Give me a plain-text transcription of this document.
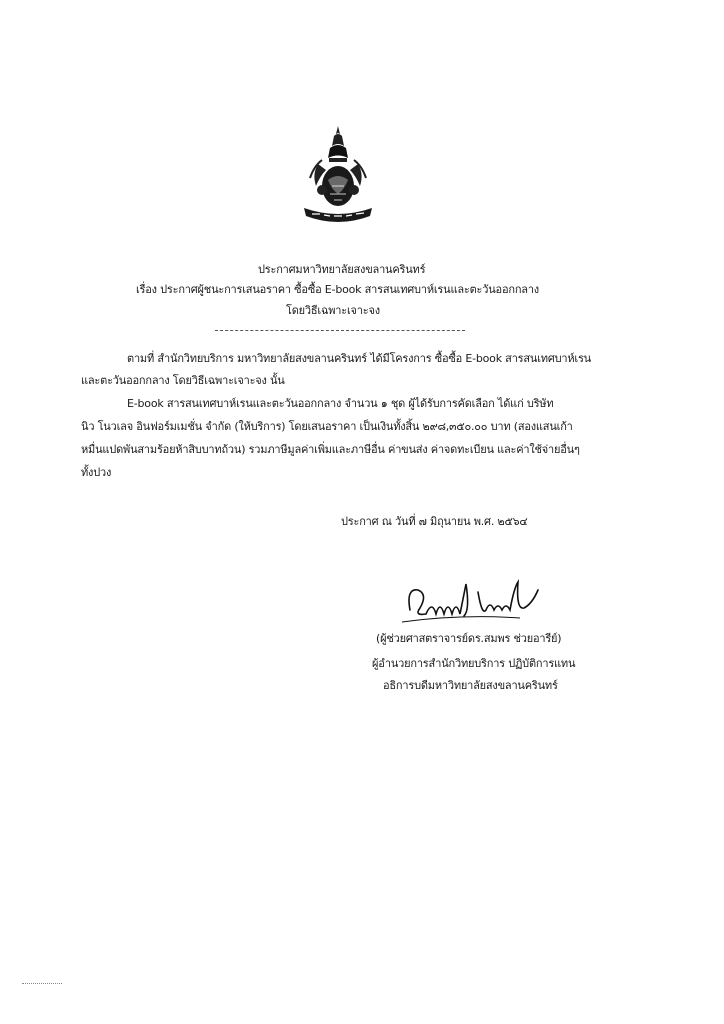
ประกาศมหาวิทยาลัยสงขลานครินทร์
เรื่อง ประกาศผู้ชนะการเสนอราคา ซื้อซื้อ E-book สารสนเทศบาห์เรนและตะวันออกกลาง
โดยวิธีเฉพาะเจาะจง
ตามที่ สำนักวิทยบริการ มหาวิทยาลัยสงขลานครินทร์ ได้มีโครงการ ซื้อซื้อ E-book สารสนเทศบาห์เรน
และตะวันออกกลาง โดยวิธีเฉพาะเจาะจง นั้น
E-book สารสนเทศบาห์เรนและตะวันออกกลาง จำนวน ๑ ชุด ผู้ได้รับการคัดเลือก ได้แก่ บริษัท
นิว โนวเลจ อินฟอร์มเมชั่น จำกัด (ให้บริการ) โดยเสนอราคา เป็นเงินทั้งสิ้น ๒๙๘,๓๕๐.๐๐ บาท (สองแสนเก้า
หมื่นแปดพันสามร้อยห้าสิบบาทถ้วน) รวมภาษีมูลค่าเพิ่มและภาษีอื่น ค่าขนส่ง ค่าจดทะเบียน และค่าใช้จ่ายอื่นๆ
ทั้งปวง
ประกาศ ณ วันที่ ๗ มิถุนายน พ.ศ. ๒๕๖๔
(ผู้ช่วยศาสตราจารย์ดร.สมพร ช่วยอารีย์)
ผู้อำนวยการสำนักวิทยบริการ ปฏิบัติการแทน
อธิการบดีมหาวิทยาลัยสงขลานครินทร์
